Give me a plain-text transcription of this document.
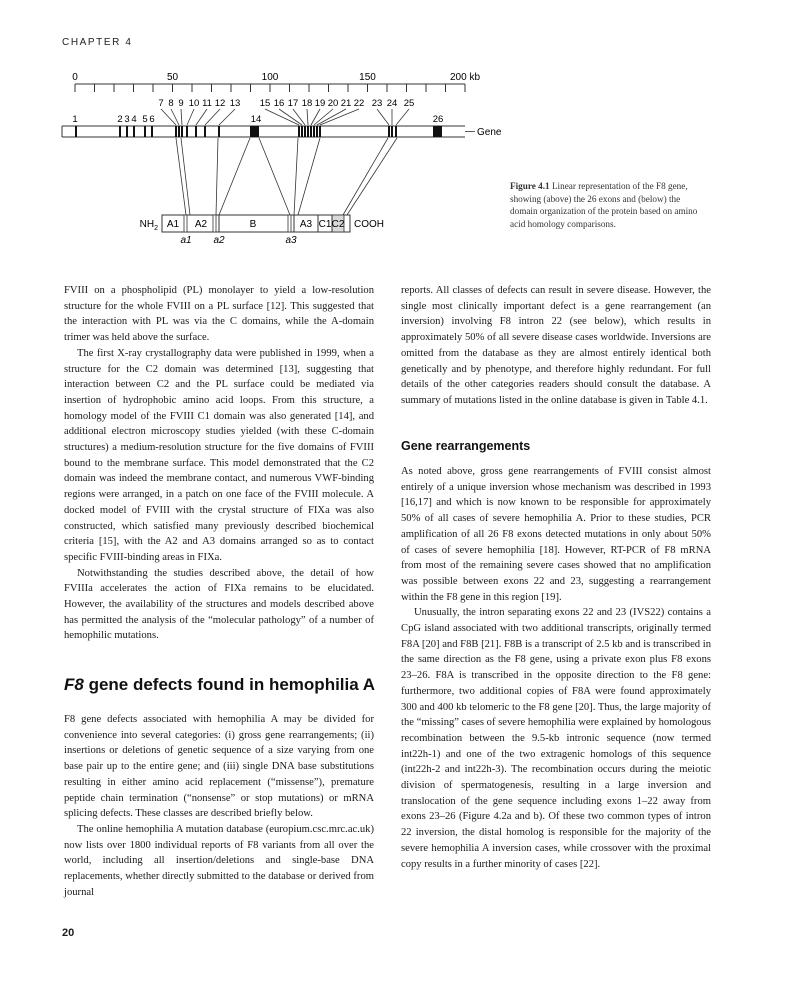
CHAPTER 4
0	50	100	150	200 kb
7 8 9 10 11 12 13 15 16 17 18 19 20 21 22 23 24 25
1	2 3 4 5 6	14	26
Gene
A1 A2	B	A3 C1 C2
$NH_2$	COOH
a1 a2	a3
Figure 4.1 Linear representation of the F8 gene, showing (above) the 26 exons and (below) the domain organization of the protein based on amino acid homology comparisons.

FVIII on a phospholipid (PL) monolayer to yield a low-resolution structure for the whole FVIII on a PL surface [12]. This suggested that the interaction with PL was via the C domains, while the A-domain trimer was held above the surface.

The first X-ray crystallography data were published in 1999, when a structure for the C2 domain was determined [13], suggesting that interaction between C2 and the PL surface could be mediated via insertion of hydrophobic amino acid loops. From this structure, a homology model of the FVIII C1 domain was also generated [14], and additional electron microscopy studies yielded (with these C-domain structures) a medium-resolution structure for the five domains of FVIII bound to the membrane surface. This model demonstrated that the C2 domain was indeed the membrane contact, and numerous VWF-binding regions were arranged, in a patch on one face of the FVIII molecule. A docked model of FVIII with the crystal structure of FIXa was also constructed, which satisfied many previously described biochemical criteria [15], with the A2 and A3 domains arranged so as to contact specific FVIII-binding areas in FIXa.

Notwithstanding the studies described above, the detail of how FVIIIa accelerates the action of FIXa remains to be elucidated. However, the availability of the structures and models described above has permitted the analysis of the “molecular pathology” of a number of hemophilic mutations.

F8 gene defects found in hemophilia A

F8 gene defects associated with hemophilia A may be divided for convenience into several categories: (i) gross gene rearrangements; (ii) insertions or deletions of genetic sequence of a size varying from one base pair up to the entire gene; and (iii) single DNA base substitutions resulting in either amino acid replacement (“missense”), premature peptide chain termination (“nonsense” or stop mutations) or mRNA splicing defects. These classes are described briefly below.

The online hemophilia A mutation database (europium.csc.mrc.ac.uk) now lists over 1800 individual reports of F8 variants from all over the world, including all insertion/deletions and single-base DNA replacements, whether directly submitted to the database or derived from journal

reports. All classes of defects can result in severe disease. However, the single most clinically important defect is a gene rearrangement (an inversion) involving F8 intron 22 (see below), which results in approximately 50% of all severe disease cases worldwide. Inversions are omitted from the database as they are almost entirely identical both genetically and by phenotype, and therefore highly redundant. For full details of the other categories readers should consult the database. A summary of mutations listed in the online database is given in Table 4.1.

Gene rearrangements

As noted above, gross gene rearrangements of FVIII consist almost entirely of a unique inversion whose mechanism was described in 1993 [16,17] and which is now known to be responsible for approximately 50% of all cases of severe hemophilia A. Prior to these studies, PCR amplification of all 26 F8 exons detected mutations in only about 50% of cases of severe hemophilia [18]. However, RT-PCR of F8 mRNA from most of the remaining severe cases showed that no amplification was possible between exons 22 and 23, suggesting a rearrangement within the F8 gene in this region [19].

Unusually, the intron separating exons 22 and 23 (IVS22) contains a CpG island associated with two additional transcripts, originally termed F8A [20] and F8B [21]. F8B is a transcript of 2.5 kb and is transcribed in the same direction as the F8 gene, using a private exon plus F8 exons 23–26. F8A is transcribed in the opposite direction to the F8 gene: furthermore, two additional copies of F8A were found approximately 300 and 400 kb telomeric to the F8 gene [20]. Thus, the large majority of the “missing” cases of severe hemophilia were explained by homologous recombination between the 9.5-kb intronic sequence (now termed int22h-1) and one of the two extragenic homologs of this sequence (int22h-2 and int22h-3). The recombination occurs during the meiotic division of spermatogenesis, resulting in a large inversion and translocation of the gene sequence including exons 1–22 away from exons 23–26 (Figure 4.2a and b). Of these two common types of intron 22 inversion, the distal homolog is responsible for the majority of the severe hemophilia A inversion cases, while crossover with the proximal copy results in a further minority of cases [22].

20
